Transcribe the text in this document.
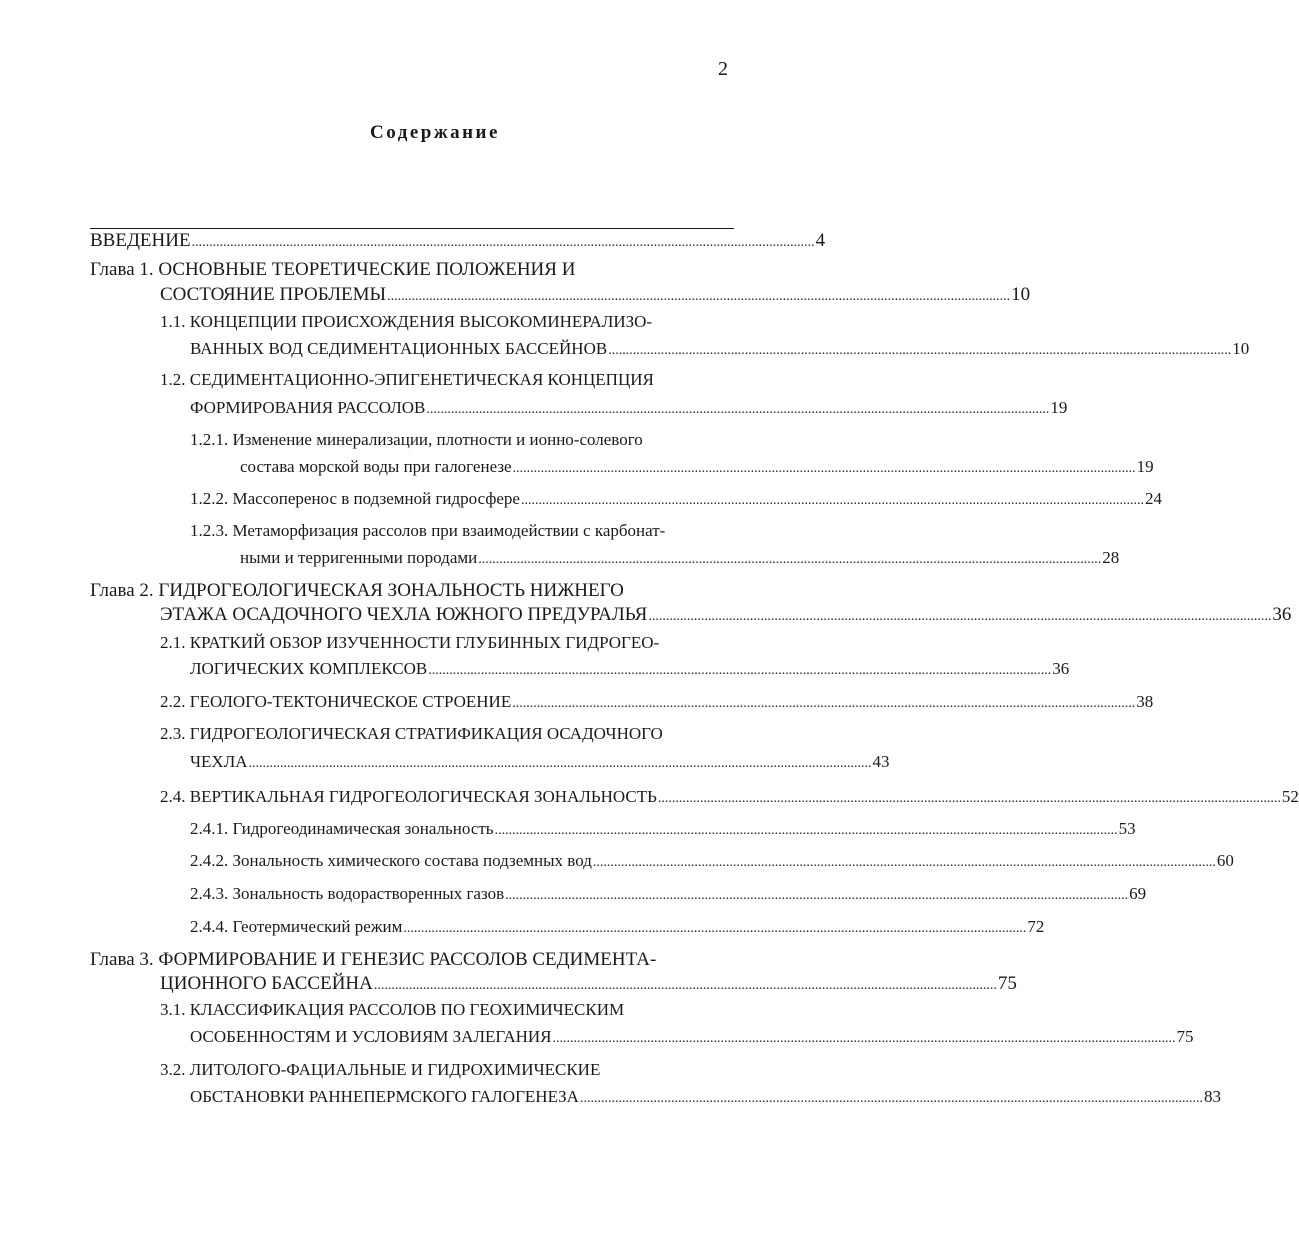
2
Содержание
ВВЕДЕНИЕ .................................................................................................................................................................................. 4
Глава 1. ОСНОВНЫЕ ТЕОРЕТИЧЕСКИЕ ПОЛОЖЕНИЯ И
СОСТОЯНИЕ ПРОБЛЕМЫ .................................................................................................................................................................................. 10
1.1. КОНЦЕПЦИИ ПРОИСХОЖДЕНИЯ ВЫСОКОМИНЕРАЛИЗО-
ВАННЫХ ВОД СЕДИМЕНТАЦИОННЫХ БАССЕЙНОВ .................................................................................................................................................................................. 10
1.2. СЕДИМЕНТАЦИОННО-ЭПИГЕНЕТИЧЕСКАЯ КОНЦЕПЦИЯ
ФОРМИРОВАНИЯ РАССОЛОВ .................................................................................................................................................................................. 19
1.2.1. Изменение минерализации, плотности и ионно-солевого
состава морской воды при галогенезе .................................................................................................................................................................................. 19
1.2.2. Массоперенос в подземной гидросфере .................................................................................................................................................................................. 24
1.2.3. Метаморфизация рассолов при взаимодействии с карбонат-
ными и терригенными породами .................................................................................................................................................................................. 28
Глава 2. ГИДРОГЕОЛОГИЧЕСКАЯ ЗОНАЛЬНОСТЬ НИЖНЕГО
ЭТАЖА ОСАДОЧНОГО ЧЕХЛА ЮЖНОГО ПРЕДУРАЛЬЯ .................................................................................................................................................................................. 36
2.1. КРАТКИЙ ОБЗОР ИЗУЧЕННОСТИ ГЛУБИННЫХ ГИДРОГЕО-
ЛОГИЧЕСКИХ КОМПЛЕКСОВ .................................................................................................................................................................................. 36
2.2. ГЕОЛОГО-ТЕКТОНИЧЕСКОЕ СТРОЕНИЕ .................................................................................................................................................................................. 38
2.3. ГИДРОГЕОЛОГИЧЕСКАЯ СТРАТИФИКАЦИЯ ОСАДОЧНОГО
ЧЕХЛА .................................................................................................................................................................................. 43
2.4. ВЕРТИКАЛЬНАЯ ГИДРОГЕОЛОГИЧЕСКАЯ ЗОНАЛЬНОСТЬ .................................................................................................................................................................................. 52
2.4.1. Гидрогеодинамическая зональность .................................................................................................................................................................................. 53
2.4.2. Зональность химического состава подземных вод .................................................................................................................................................................................. 60
2.4.3. Зональность водорастворенных газов .................................................................................................................................................................................. 69
2.4.4. Геотермический режим .................................................................................................................................................................................. 72
Глава 3. ФОРМИРОВАНИЕ И ГЕНЕЗИС РАССОЛОВ СЕДИМЕНТА-
ЦИОННОГО БАССЕЙНА .................................................................................................................................................................................. 75
3.1. КЛАССИФИКАЦИЯ РАССОЛОВ ПО ГЕОХИМИЧЕСКИМ
ОСОБЕННОСТЯМ И УСЛОВИЯМ ЗАЛЕГАНИЯ .................................................................................................................................................................................. 75
3.2. ЛИТОЛОГО-ФАЦИАЛЬНЫЕ И ГИДРОХИМИЧЕСКИЕ
ОБСТАНОВКИ РАННЕПЕРМСКОГО ГАЛОГЕНЕЗА .................................................................................................................................................................................. 83
